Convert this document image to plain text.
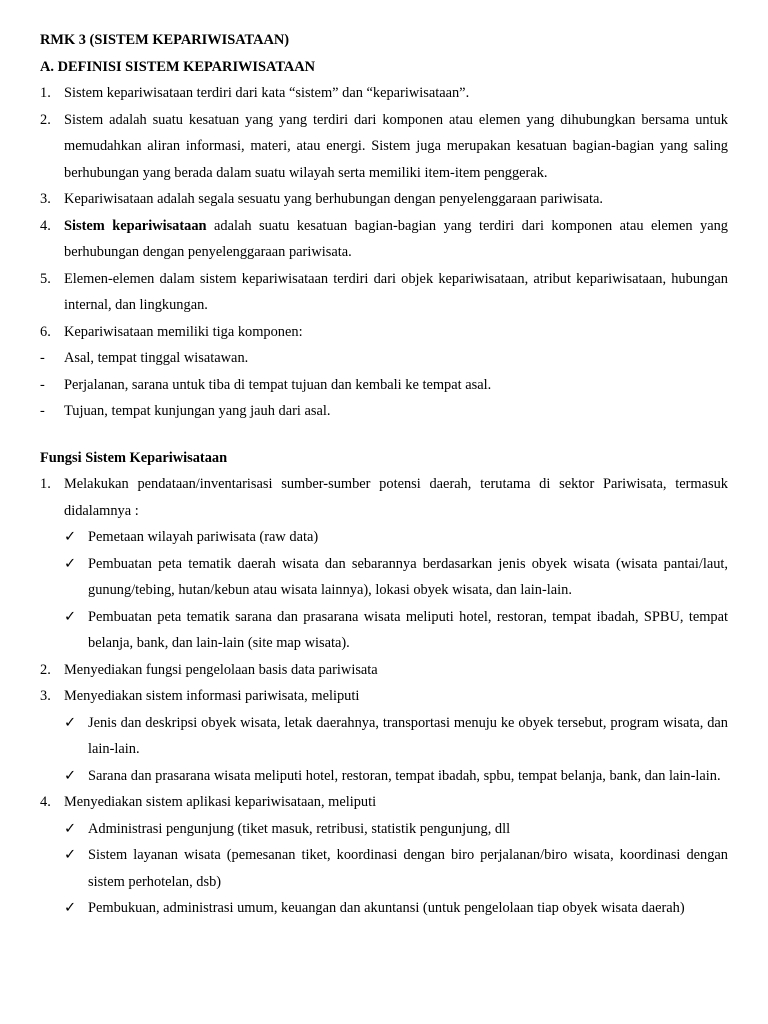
RMK 3 (SISTEM KEPARIWISATAAN)

A. DEFINISI SISTEM KEPARIWISATAAN

1. Sistem kepariwisataan terdiri dari kata “sistem” dan “kepariwisataan”.
2. Sistem adalah suatu kesatuan yang yang terdiri dari komponen atau elemen yang dihubungkan bersama untuk memudahkan aliran informasi, materi, atau energi. Sistem juga merupakan kesatuan bagian-bagian yang saling berhubungan yang berada dalam suatu wilayah serta memiliki item-item penggerak.
3. Kepariwisataan adalah segala sesuatu yang berhubungan dengan penyelenggaraan pariwisata.
4. Sistem kepariwisataan adalah suatu kesatuan bagian-bagian yang terdiri dari komponen atau elemen yang berhubungan dengan penyelenggaraan pariwisata.
5. Elemen-elemen dalam sistem kepariwisataan terdiri dari objek kepariwisataan, atribut kepariwisataan, hubungan internal, dan lingkungan.
6. Kepariwisataan memiliki tiga komponen:
-	Asal, tempat tinggal wisatawan.
-	Perjalanan, sarana untuk tiba di tempat tujuan dan kembali ke tempat asal.
-	Tujuan, tempat kunjungan yang jauh dari asal.

Fungsi Sistem Kepariwisataan

1. Melakukan pendataan/inventarisasi sumber-sumber potensi daerah, terutama di sektor Pariwisata, termasuk didalamnya :
✓ Pemetaan wilayah pariwisata (raw data)
✓ Pembuatan peta tematik daerah wisata dan sebarannya berdasarkan jenis obyek wisata (wisata pantai/laut, gunung/tebing, hutan/kebun atau wisata lainnya), lokasi obyek wisata, dan lain-lain.
✓ Pembuatan peta tematik sarana dan prasarana wisata meliputi hotel, restoran, tempat ibadah, SPBU, tempat belanja, bank, dan lain-lain (site map wisata).
2. Menyediakan fungsi pengelolaan basis data pariwisata
3. Menyediakan sistem informasi pariwisata, meliputi
✓ Jenis dan deskripsi obyek wisata, letak daerahnya, transportasi menuju ke obyek tersebut, program wisata, dan lain-lain.
✓ Sarana dan prasarana wisata meliputi hotel, restoran, tempat ibadah, spbu, tempat belanja, bank, dan lain-lain.
4. Menyediakan sistem aplikasi kepariwisataan, meliputi
✓ Administrasi pengunjung (tiket masuk, retribusi, statistik pengunjung, dll
✓ Sistem layanan wisata (pemesanan tiket, koordinasi dengan biro perjalanan/biro wisata, koordinasi dengan sistem perhotelan, dsb)
✓ Pembukuan, administrasi umum, keuangan dan akuntansi (untuk pengelolaan tiap obyek wisata daerah)
